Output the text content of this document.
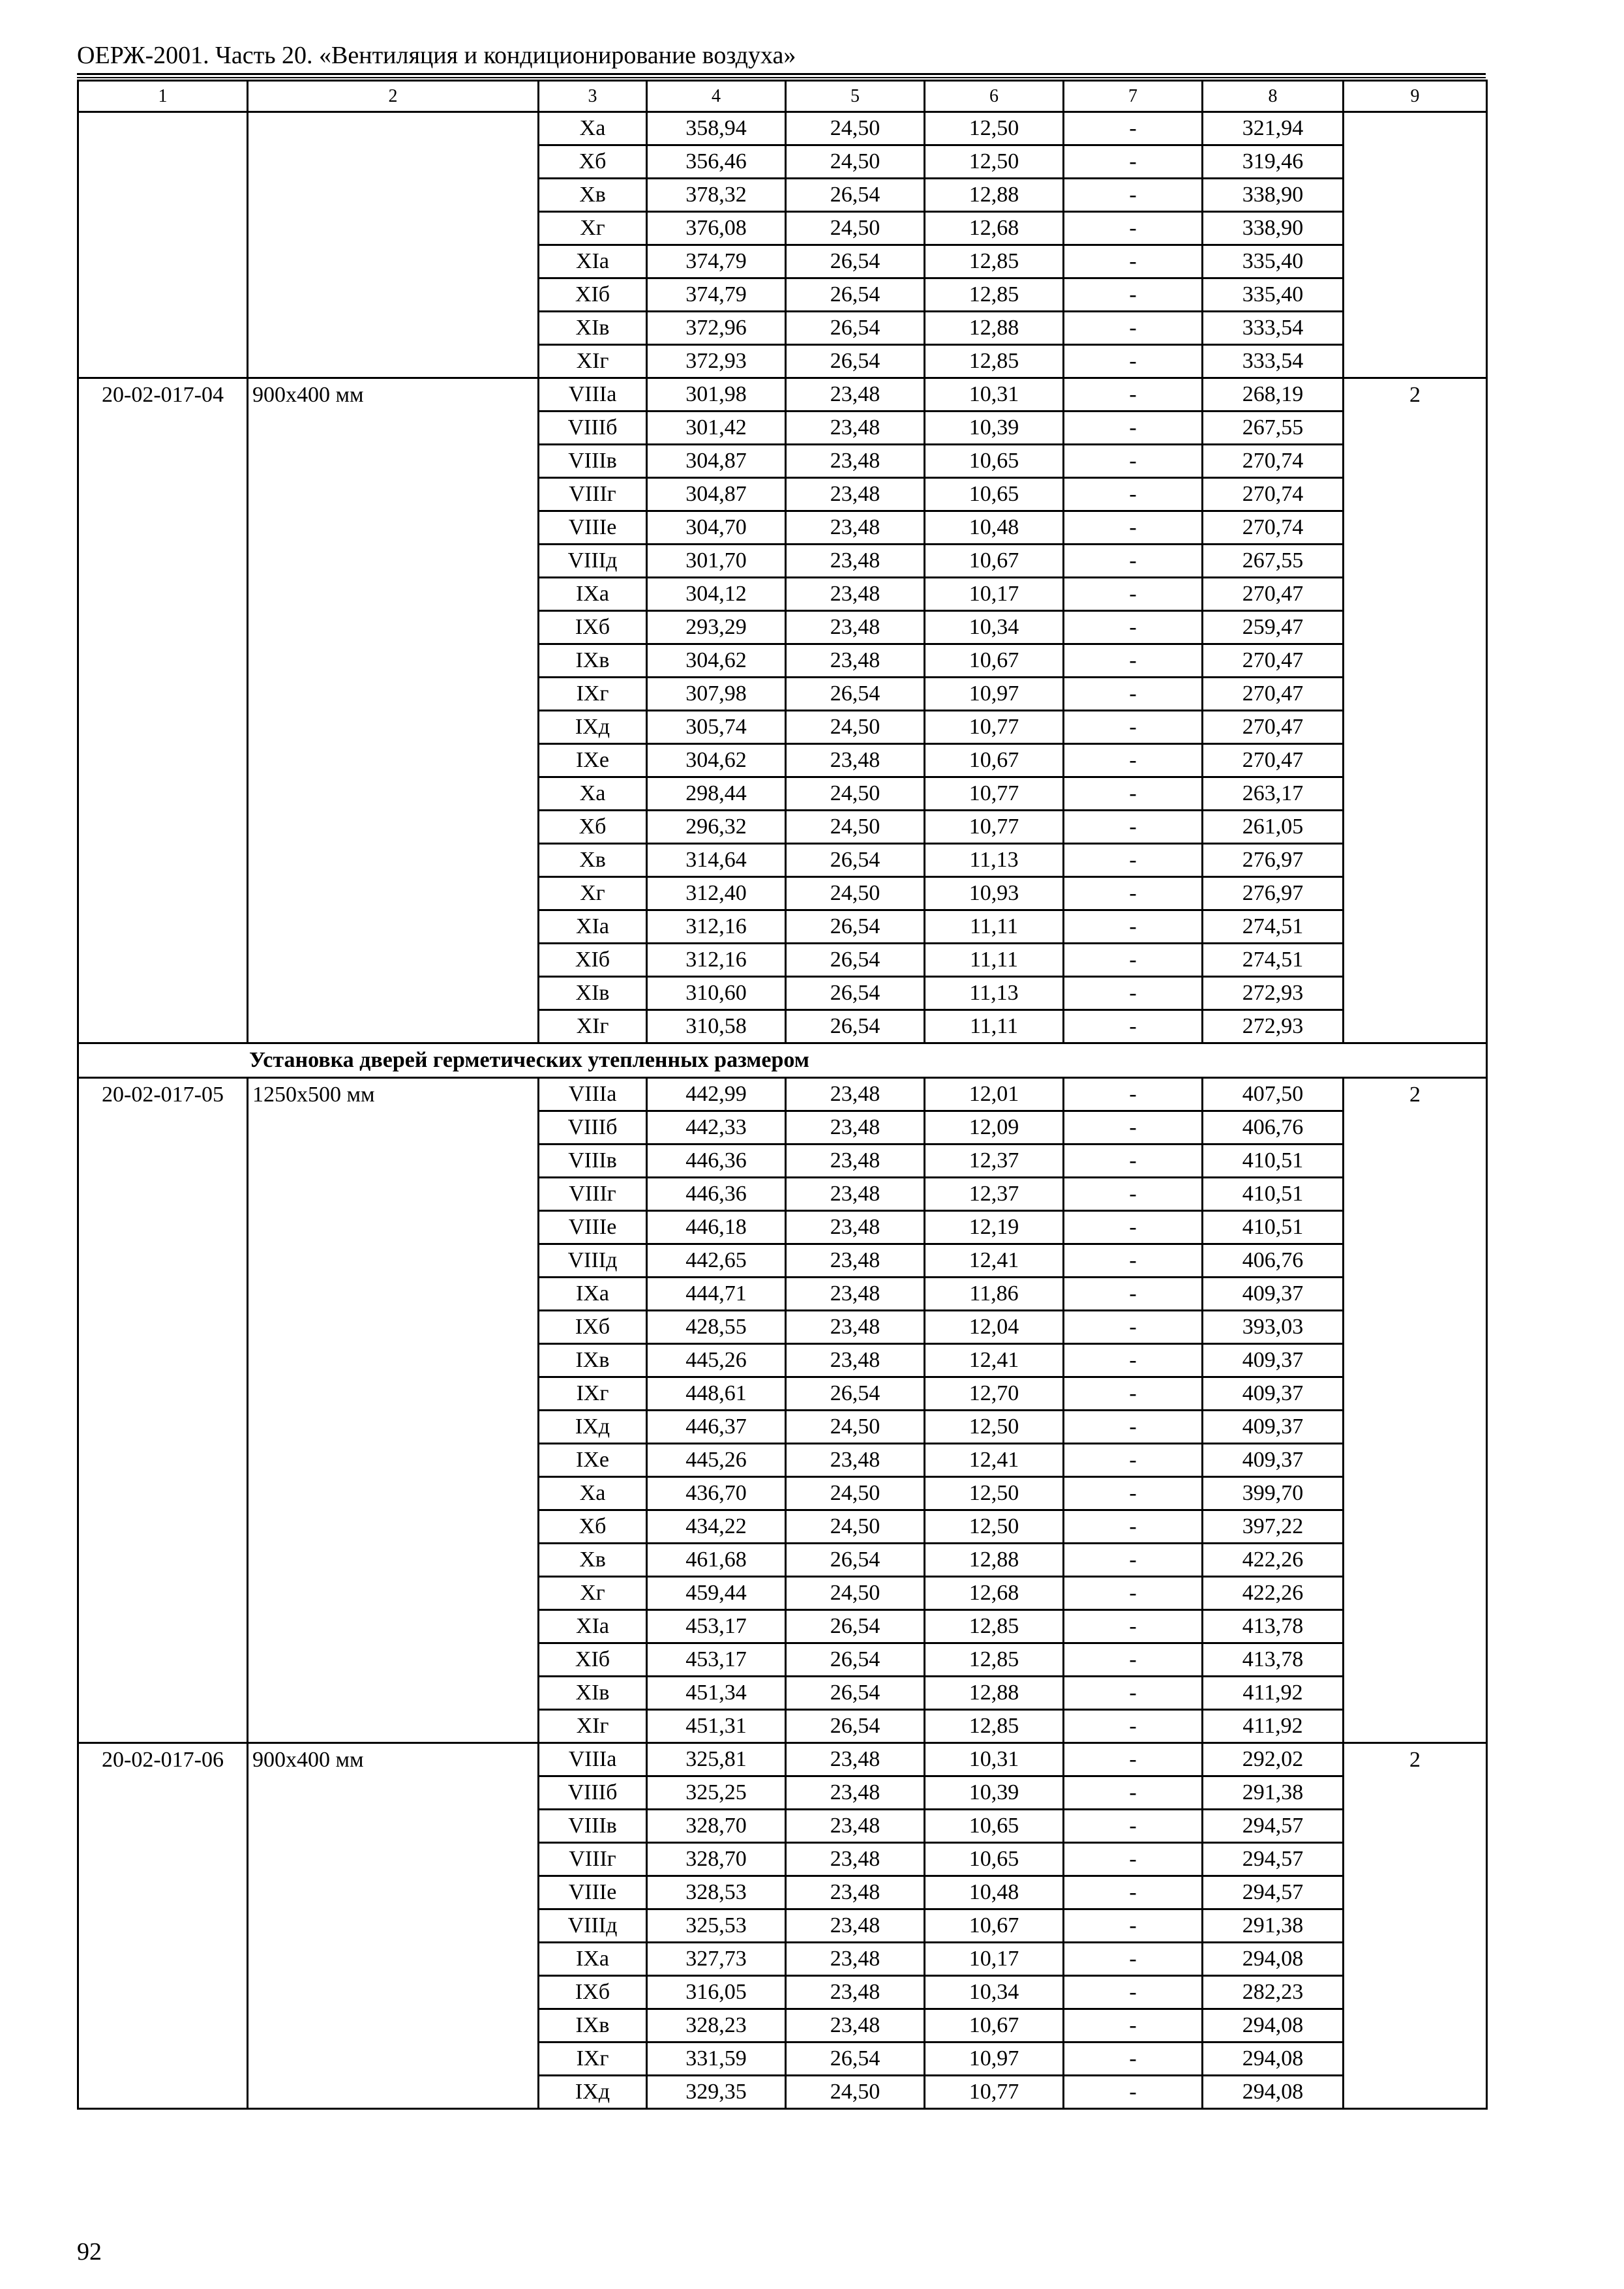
ОЕРЖ-2001. Часть 20. «Вентиляция и кондиционирование воздуха»
1	2	3	4	5	6	7	8	9
		Xa	358,94	24,50	12,50	-	321,94	
		Xб	356,46	24,50	12,50	-	319,46	
		Xв	378,32	26,54	12,88	-	338,90	
		Xг	376,08	24,50	12,68	-	338,90	
		XIa	374,79	26,54	12,85	-	335,40	
		XIб	374,79	26,54	12,85	-	335,40	
		XIв	372,96	26,54	12,88	-	333,54	
		XIг	372,93	26,54	12,85	-	333,54	
20-02-017-04	900x400 мм	VIIIa	301,98	23,48	10,31	-	268,19	2
		VIIIб	301,42	23,48	10,39	-	267,55	
		VIIIв	304,87	23,48	10,65	-	270,74	
		VIIIг	304,87	23,48	10,65	-	270,74	
		VIIIe	304,70	23,48	10,48	-	270,74	
		VIIIд	301,70	23,48	10,67	-	267,55	
		IXa	304,12	23,48	10,17	-	270,47	
		IXб	293,29	23,48	10,34	-	259,47	
		IXв	304,62	23,48	10,67	-	270,47	
		IXг	307,98	26,54	10,97	-	270,47	
		IXд	305,74	24,50	10,77	-	270,47	
		IXe	304,62	23,48	10,67	-	270,47	
		Xa	298,44	24,50	10,77	-	263,17	
		Xб	296,32	24,50	10,77	-	261,05	
		Xв	314,64	26,54	11,13	-	276,97	
		Xг	312,40	24,50	10,93	-	276,97	
		XIa	312,16	26,54	11,11	-	274,51	
		XIб	312,16	26,54	11,11	-	274,51	
		XIв	310,60	26,54	11,13	-	272,93	
		XIг	310,58	26,54	11,11	-	272,93	
Установка дверей герметических утепленных размером								
20-02-017-05	1250x500 мм	VIIIa	442,99	23,48	12,01	-	407,50	2
		VIIIб	442,33	23,48	12,09	-	406,76	
		VIIIв	446,36	23,48	12,37	-	410,51	
		VIIIг	446,36	23,48	12,37	-	410,51	
		VIIIe	446,18	23,48	12,19	-	410,51	
		VIIIд	442,65	23,48	12,41	-	406,76	
		IXa	444,71	23,48	11,86	-	409,37	
		IXб	428,55	23,48	12,04	-	393,03	
		IXв	445,26	23,48	12,41	-	409,37	
		IXг	448,61	26,54	12,70	-	409,37	
		IXд	446,37	24,50	12,50	-	409,37	
		IXe	445,26	23,48	12,41	-	409,37	
		Xa	436,70	24,50	12,50	-	399,70	
		Xб	434,22	24,50	12,50	-	397,22	
		Xв	461,68	26,54	12,88	-	422,26	
		Xг	459,44	24,50	12,68	-	422,26	
		XIa	453,17	26,54	12,85	-	413,78	
		XIб	453,17	26,54	12,85	-	413,78	
		XIв	451,34	26,54	12,88	-	411,92	
		XIг	451,31	26,54	12,85	-	411,92	
20-02-017-06	900x400 мм	VIIIa	325,81	23,48	10,31	-	292,02	2
		VIIIб	325,25	23,48	10,39	-	291,38	
		VIIIв	328,70	23,48	10,65	-	294,57	
		VIIIг	328,70	23,48	10,65	-	294,57	
		VIIIe	328,53	23,48	10,48	-	294,57	
		VIIIд	325,53	23,48	10,67	-	291,38	
		IXa	327,73	23,48	10,17	-	294,08	
		IXб	316,05	23,48	10,34	-	282,23	
		IXв	328,23	23,48	10,67	-	294,08	
		IXг	331,59	26,54	10,97	-	294,08	
		IXд	329,35	24,50	10,77	-	294,08	
92
